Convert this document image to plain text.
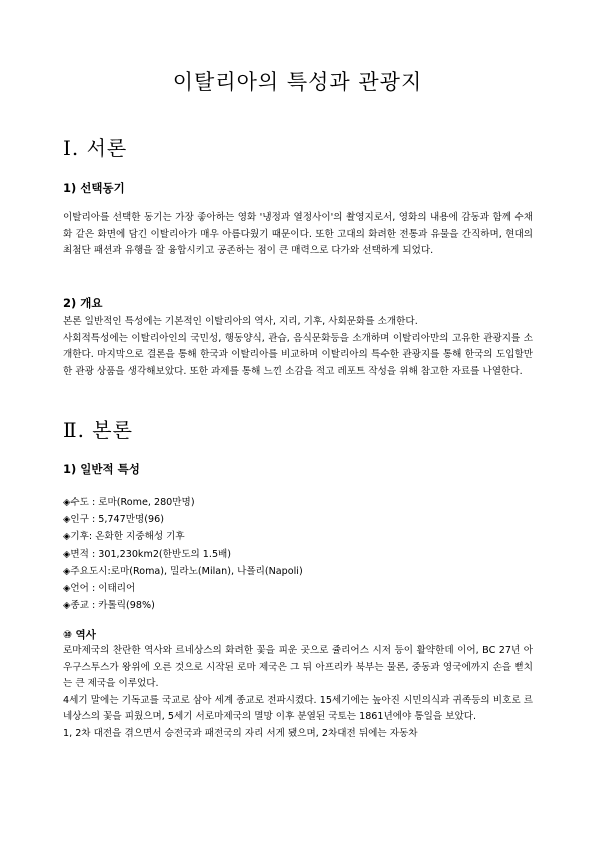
이탈리아의 특성과 관광지
Ⅰ. 서론
1) 선택동기

이탈리아를 선택한 동기는 가장 좋아하는 영화 '냉정과 열정사이'의 촬영지로서, 영화의 내용에 감동과 함께 수채화 같은 화면에 담긴 이탈리아가 매우 아름다웠기 때문이다. 또한 고대의 화려한 전통과 유물을 간직하며, 현대의 최첨단 패션과 유행을 잘 융합시키고 공존하는 점이 큰 매력으로 다가와 선택하게 되었다.

2) 개요

본론 일반적인 특성에는 기본적인 이탈리아의 역사, 지리, 기후, 사회문화를 소개한다.

사회적특성에는 이탈리아인의 국민성, 행동양식, 관습, 음식문화등을 소개하며 이탈리아만의 고유한 관광지를 소개한다. 마지막으로 결론을 통해 한국과 이탈리아를 비교하며 이탈리아의 특수한 관광지를 통해 한국의 도입할만한 관광 상품을 생각해보았다. 또한 과제를 통해 느낀 소감을 적고 레포트 작성을 위해 참고한 자료를 나열한다.

Ⅱ. 본론
1) 일반적 특성
◈수도 : 로마(Rome, 280만명)
◈인구 : 5,747만명(96)
◈기후: 온화한 지중해성 기후
◈면적 : 301,230km2(한반도의 1.5배)
◈주요도시:로마(Roma), 밀라노(Milan), 나폴리(Napoli)
◈언어 : 이태리어
◈종교 : 카톨릭(98%)
⑩ 역사

로마제국의 찬란한 역사와 르네상스의 화려한 꽃을 피운 곳으로 쥴리어스 시저 등이 활약한데 이어, BC 27년 아우구스투스가 왕위에 오른 것으로 시작된 로마 제국은 그 뒤 아프리카 북부는 물론, 중동과 영국에까지 손을 뻗치는 큰 제국을 이루었다.

4세기 말에는 기독교를 국교로 삼아 세계 종교로 전파시켰다. 15세기에는 높아진 시민의식과 귀족등의 비호로 르네상스의 꽃을 피웠으며, 5세기 서로마제국의 멸망 이후 분열된 국토는 1861년에야 통일을 보았다.

1, 2차 대전을 겪으면서 승전국과 패전국의 자리 서게 됐으며, 2차대전 뒤에는 자동차
